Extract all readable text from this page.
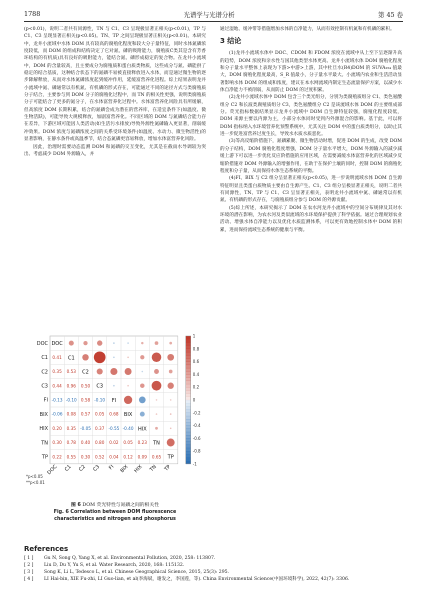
1788	光谱学与光谱分析	第 45 卷

(p<0.01)，说明二者共有同源性，TN 与 C1、C3 呈现极显著正相关(p<0.01)，TP 与 C1、C3 呈现显著正相关(p<0.05)。TN、TP 之间呈现极显著正相关(p<0.01)。本研究中，龙井小流域中水体 DOM 具有较高的腐殖化程度和较大分子量特征，同时水体氮磷浓度较低，而 DOM 的组成和结构决定了它对氮、磷的吸附能力，腐殖质C类其是含有芳香环结构的有机质)具有良好的吸附能力，能结合氮、磷形成稳定的复合物。在龙井小流域中，DOM 的含量较高，且主要成分为腐殖质和蛋白质类物质，这些成分与氮、磷能供了稳定的结合基质，这种结合状态下的氮磷不易被直接释放进入水体，而是通过微生物的逐步降解释放，从而对水体氮磷浓度起到缓冲作用，延缓富营养化进程。综上结果表明龙井小流域中氮、磷通常以有机氮、有机磷的形式存在，可能通过不同的途径方式与类腐殖质分子结合，主要参与到 DOM 分子的腐殖化过程中，而 TN 的相关性更强，说明类腐殖质分子可能结合了更多的氮分子，在水体富营养化过程中。水体富营养化风险具有所缓解，但高浓度 DOM 长期积累，结合的氮磷会成为潜在的营养库，在适宜条件下(如温度、微生物活跃)，可能导致大规模释放，加剧富营养化。不同区域的 DOM 与氮磷结合能力存在差异，下游区域可能因人类活动(如生活污水排放)导致外源性氮磷输入更显著，削弱缓冲效果。DOM 浓度与氮磷浓度之间的关系受环境条件(如温度、水动力、微生物活性)的显著影响，在静水条件或高温季节，结合态氮磷更容易释放，增加水体富营养化风险。

因此，治理时需要动态监测 DOM 和氮磷的交互变化，尤其是在截雨水导调较为突出、考虑减少 DOM 外源输入，并

DOC
DOC
DOC
C1
C1
0.41 C1
C2
C2
0.35 0.53 C2
C3
C3
0.44 0.96 0.50 C3
FI
FI
-0.13 -0.10 0.58 -0.10 FI
BIX
BIX
-0.06 0.08 0.57 0.05 0.68 BIX
HIX
HIX
0.20 0.35 -0.05 0.37 -0.55 -0.40 HIX
TN
TN
0.30 0.78 0.40 0.80 0.02 0.05 0.23 TN
TP
TP
0.22 0.55 0.30 0.52 0.04 0.12 0.09 0.65 TP
1
0.8
0.6
0.4
0.2
0
-0.2
-0.4
-0.6
-0.8
-1
*p<0.05
**p<0.01
图 6 DOM 荧光特性与氮磷之间的相关性
Fig. 6 Correlation between DOM fluorescence characteristics and nitrogen and phosphorus

通过湿地、缓冲带等措施增加水体的自净能力，从而有效控制有机氮和有机磷的累积。

3 结论

(1)龙井小流域水体中 DOC、CDOM 和 FDOM 浓度在流域中从上至下呈逐渐升高的趋势，DOM 浓度和亲水性与国其他类型水体更高。龙井小流域水体 DOM 腐殖化程度和分子量水平整体上表现为下游>中游>上游，其中杜旦水(R4)DOM 的 SUVA₂₅₄ 值最大，DOM 腐殖化程度最高，S_R 值最小，分子量水平最大。小流域内农业和生活活动显著影响水体 DOM 的组成和浓度，建议在本水网流域内制定生态流量保护方案，以减少水体自净能力不被削弱，从而防止 DOM 的过度积累。

(2)龙井小流域水体中 DOM 包含三个类光组分，分别为类腐殖质组分 C1、类色氨酸组分 C2 和长波类腐殖质组分 C3，类色氨酸组分 C2 是该流域水体 DOM 的主要组成部分。荧光指标数据结果显示龙井小流域中 DOM 自生源特征较强，腐殖化程度较低，DOM 来源主要以内源为主，小部分水体同时受到内外源混合的影响。基于此，可以将 DOM 指标纳入水环境营养化预警系统中，尤其关注 DOM 中的蛋白质类组分，以助止其进一步促进富营养过度生长，导致水水质水质恶化。

(3)等高反缩阶措施下，氮磷累聚、微生物活动时增，促进 DOM 的生成，改变 DOM 的分子结构，DOM 腐殖化程度增强，DOM 分子量水平增大，DOM 外源输入的减少减缓上游下可以进一步优化反应阶措施的应用区域，在需要减缓水体富营养化的区域减少反缩阶措施对 DOM 外源输入的增强作用，在助于在保护土壤的同时，控制 DOM 的腐殖化程度和分子量，从而保持水体生态系统的平衡。

(4)FI、BIX 与 C2 组分呈显著正相关(p<0.05)，进一步说明流域水体 DOM 自生源特征明显且类蛋白质物质主要由自生源产生。C1、C3 组分呈极显著正相关，说明二者共有同源性，TN、TP 与 C1、C3 呈显著正相关，表明龙井小流域中氮、磷通常以有机氮、有机磷的形式存在，与腐殖质组分参与 DOM 的外源贡献。

(5)综上所述，本研究揭示了 DOM 在农水河龙井小流域中的空间分布规律及其对水环境的潜在影响，为农水河及类似流域的水环境保护提供了科学依据。通过合理规划农业活动、增强水体自净能力以及优化水质监测体系，可以更有效地控制水体中 DOM 的积累，进而保持流域生态系统的健康与平衡。

References
[ 1 ]	Gu N, Song Q, Yang X, et al. Environmental Pollution, 2020, 258: 113807.
[ 2 ]	Liu D, Du Y, Yu S, et al. Water Research, 2020, 168: 115132.
[ 3 ]	Song K, Li L, Tedesco L, et al. Chinese Geographical Science, 2015, 25(3): 295.
[ 4 ]	LI Hai-bin, XIE Fu-zhi, LI Guo-lian, et al(李海斌，谢发之，李国莲，等). China Environmental Science(中国环境科学), 2022, 42(7): 3306.
